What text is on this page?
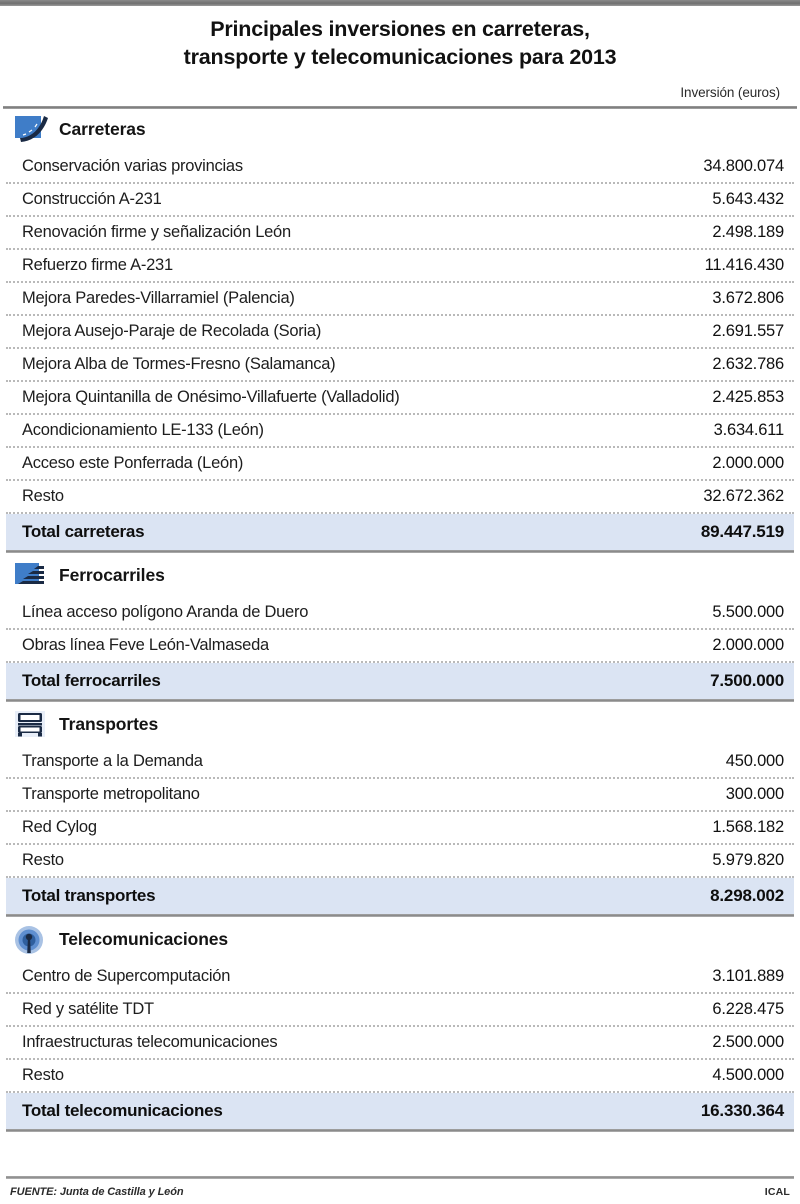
Principales inversiones en carreteras,
transporte y telecomunicaciones para 2013
Inversión (euros)
Carreteras
Conservación varias provincias	34.800.074
Construcción A-231	5.643.432
Renovación firme y señalización León	2.498.189
Refuerzo firme A-231	11.416.430
Mejora Paredes-Villarramiel (Palencia)	3.672.806
Mejora Ausejo-Paraje de Recolada (Soria)	2.691.557
Mejora Alba de Tormes-Fresno (Salamanca)	2.632.786
Mejora Quintanilla de Onésimo-Villafuerte (Valladolid)	2.425.853
Acondicionamiento LE-133 (León)	3.634.611
Acceso este Ponferrada (León)	2.000.000
Resto	32.672.362
Total carreteras	89.447.519
Ferrocarriles
Línea acceso polígono Aranda de Duero	5.500.000
Obras línea Feve León-Valmaseda	2.000.000
Total ferrocarriles	7.500.000
Transportes
Transporte a la Demanda	450.000
Transporte metropolitano	300.000
Red Cylog	1.568.182
Resto	5.979.820
Total transportes	8.298.002
Telecomunicaciones
Centro de Supercomputación	3.101.889
Red y satélite TDT	6.228.475
Infraestructuras telecomunicaciones	2.500.000
Resto	4.500.000
Total telecomunicaciones	16.330.364
FUENTE: Junta de Castilla y León	ICAL
